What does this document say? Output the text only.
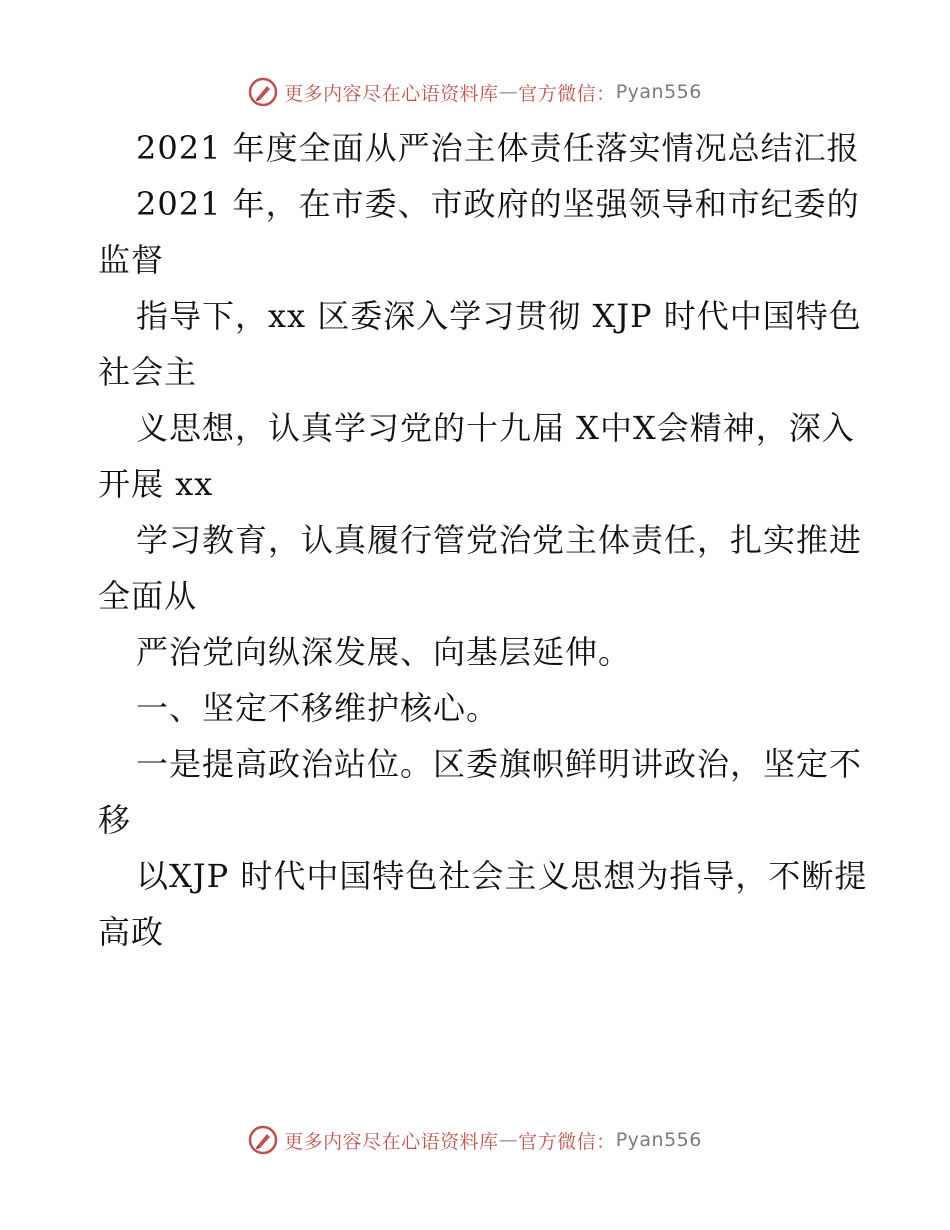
更多内容尽在心语资料库 — 官方微信： Pyan556

2021 年度全面从严治主体责任落实情况总结汇报

2021 年，在市委、市政府的坚强领导和市纪委的监督

指导下，xx 区委深入学习贯彻 XJP 时代中国特色社会主

义思想，认真学习党的十九届 X中X会精神，深入开展 xx

学习教育，认真履行管党治党主体责任，扎实推进全面从

严治党向纵深发展、向基层延伸。

一、坚定不移维护核心。

一是提高政治站位。区委旗帜鲜明讲政治，坚定不移

以XJP 时代中国特色社会主义思想为指导，不断提高政

更多内容尽在心语资料库 — 官方微信： Pyan556
